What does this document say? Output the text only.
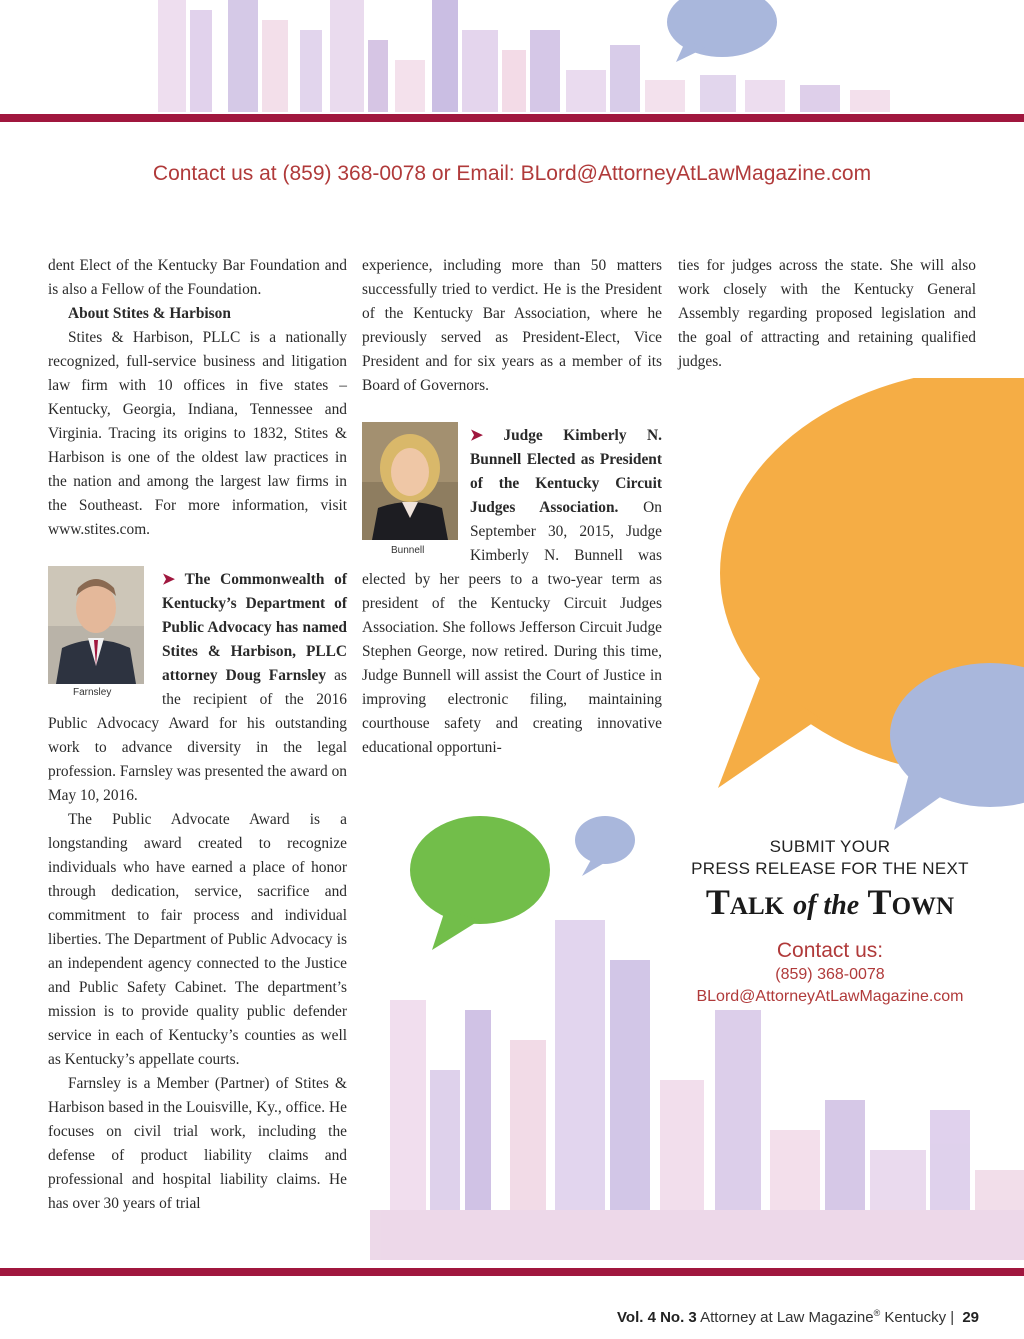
Contact us at (859) 368-0078 or Email: BLord@AttorneyAtLawMagazine.com

dent Elect of the Kentucky Bar Foundation and is also a Fellow of the Foundation.

About Stites & Harbison

Stites & Harbison, PLLC is a nationally recognized, full-service business and litigation law firm with 10 offices in five states – Kentucky, Georgia, Indiana, Tennessee and Virginia. Tracing its origins to 1832, Stites & Harbison is one of the oldest law practices in the nation and among the largest law firms in the Southeast. For more information, visit www.stites.com.

➤ The Commonwealth of Kentucky’s Department of Public Advocacy has named Stites & Harbison, PLLC attorney Doug Farnsley as the recipient of the 2016 Public Advocacy Award for his outstanding work to advance diversity in the legal profession. Farnsley was presented the award on May 10, 2016.

The Public Advocate Award is a longstanding award created to recognize individuals who have earned a place of honor through dedication, service, sacrifice and commitment to fair process and individual liberties. The Department of Public Advocacy is an independent agency connected to the Justice and Public Safety Cabinet. The department’s mission is to provide quality public defender service in each of Kentucky’s counties as well as Kentucky’s appellate courts.

Farnsley is a Member (Partner) of Stites & Harbison based in the Louisville, Ky., office. He focuses on civil trial work, including the defense of product liability claims and professional and hospital liability claims. He has over 30 years of trial

Farnsley

experience, including more than 50 matters successfully tried to verdict. He is the President of the Kentucky Bar Association, where he previously served as President-Elect, Vice President and for six years as a member of its Board of Governors.

➤ Judge Kimberly N. Bunnell Elected as President of the Kentucky Circuit Judges Association. On September 30, 2015, Judge Kimberly N. Bunnell was elected by her peers to a two-year term as president of the Kentucky Circuit Judges Association. She follows Jefferson Circuit Judge Stephen George, now retired. During this time, Judge Bunnell will assist the Court of Justice in improving electronic filing, maintaining courthouse safety and creating innovative educational opportuni-

Bunnell

ties for judges across the state. She will also work closely with the Kentucky General Assembly regarding proposed legislation and the goal of attracting and retaining qualified judges.

SUBMIT YOUR
PRESS RELEASE FOR THE NEXT
Talk of the Town
Contact us:
(859) 368-0078
BLord@AttorneyAtLawMagazine.com
Vol. 4 No. 3 Attorney at Law Magazine® Kentucky | 29
